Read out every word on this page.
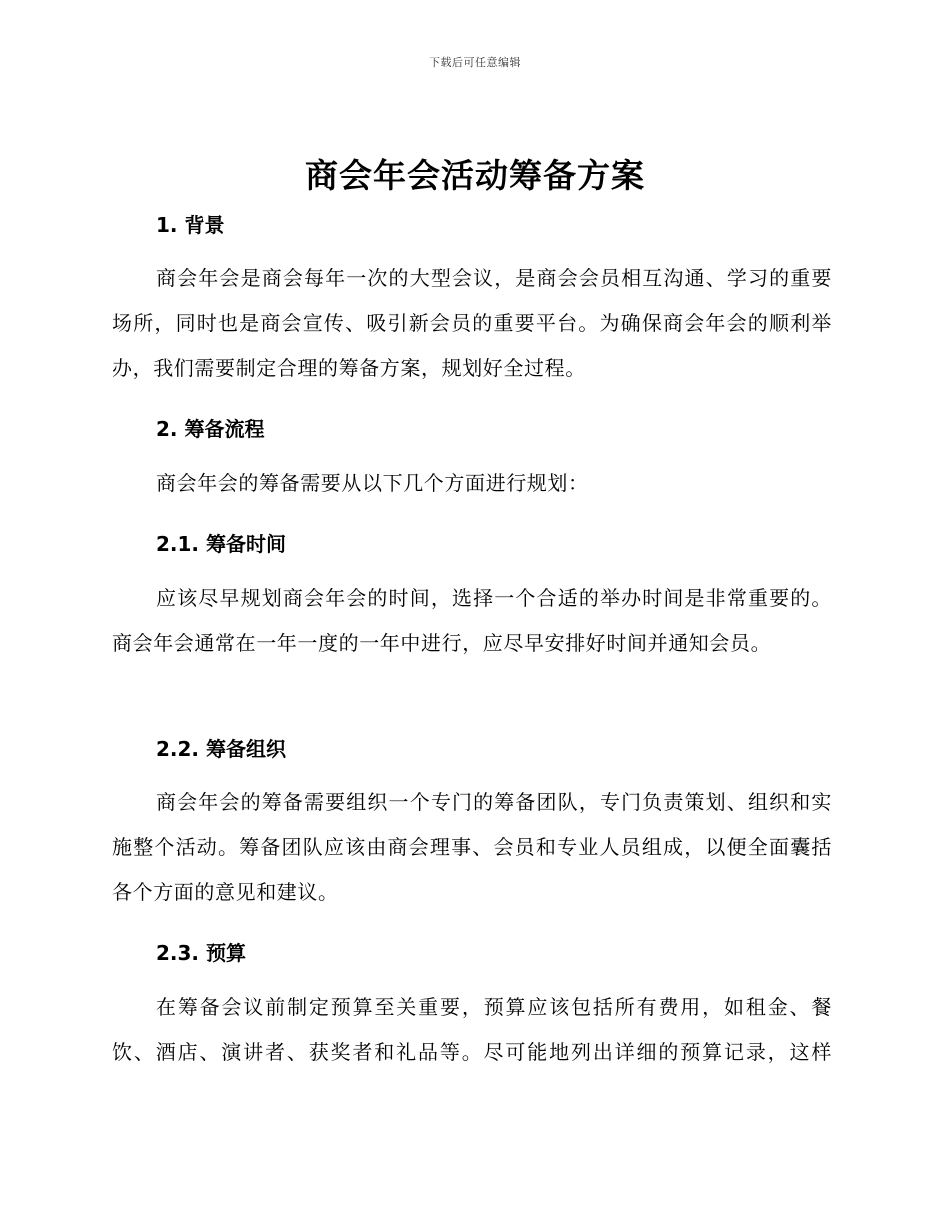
下载后可任意编辑
商会年会活动筹备方案
1. 背景
商会年会是商会每年一次的大型会议，是商会会员相互沟通、学习的重要场所，同时也是商会宣传、吸引新会员的重要平台。为确保商会年会的顺利举办，我们需要制定合理的筹备方案，规划好全过程。
2. 筹备流程
商会年会的筹备需要从以下几个方面进行规划：
2.1. 筹备时间
应该尽早规划商会年会的时间，选择一个合适的举办时间是非常重要的。商会年会通常在一年一度的一年中进行，应尽早安排好时间并通知会员。
2.2. 筹备组织
商会年会的筹备需要组织一个专门的筹备团队，专门负责策划、组织和实施整个活动。筹备团队应该由商会理事、会员和专业人员组成，以便全面囊括各个方面的意见和建议。
2.3. 预算
在筹备会议前制定预算至关重要，预算应该包括所有费用，如租金、餐饮、酒店、演讲者、获奖者和礼品等。尽可能地列出详细的预算记录，这样
